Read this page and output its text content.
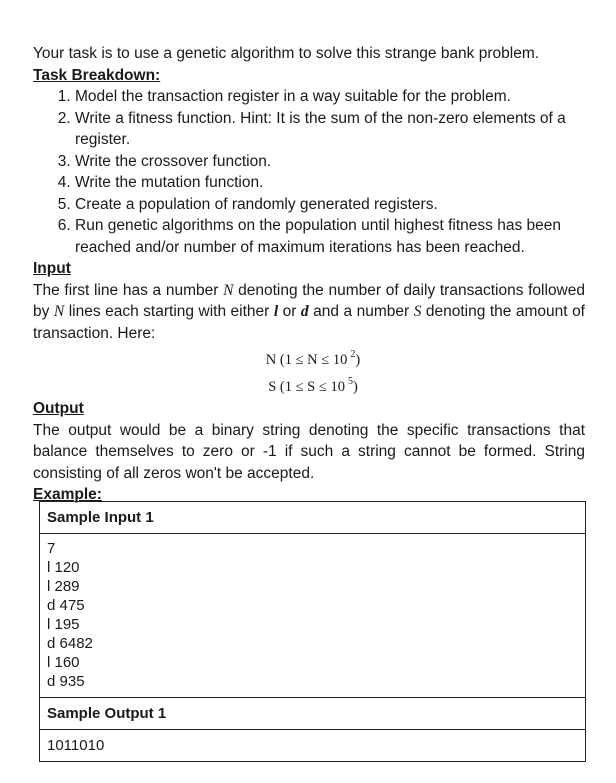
Your task is to use a genetic algorithm to solve this strange bank problem.

Task Breakdown:
1. Model the transaction register in a way suitable for the problem.
2. Write a fitness function. Hint: It is the sum of the non-zero elements of a register.
3. Write the crossover function.
4. Write the mutation function.
5. Create a population of randomly generated registers.
6. Run genetic algorithms on the population until highest fitness has been reached and/or number of maximum iterations has been reached.
Input

The first line has a number N denoting the number of daily transactions followed by N lines each starting with either l or d and a number S denoting the amount of transaction. Here:

N (1 ≤ N ≤ 10 $^2$)
S (1 ≤ S ≤ 10 $^5$)
Output

The output would be a binary string denoting the specific transactions that balance themselves to zero or -1 if such a string cannot be formed. String consisting of all zeros won't be accepted.

Example:
Sample Input 1

7
l 120
l 289
d 475
l 195
d 6482
l 160
d 935

Sample Output 1
1011010
